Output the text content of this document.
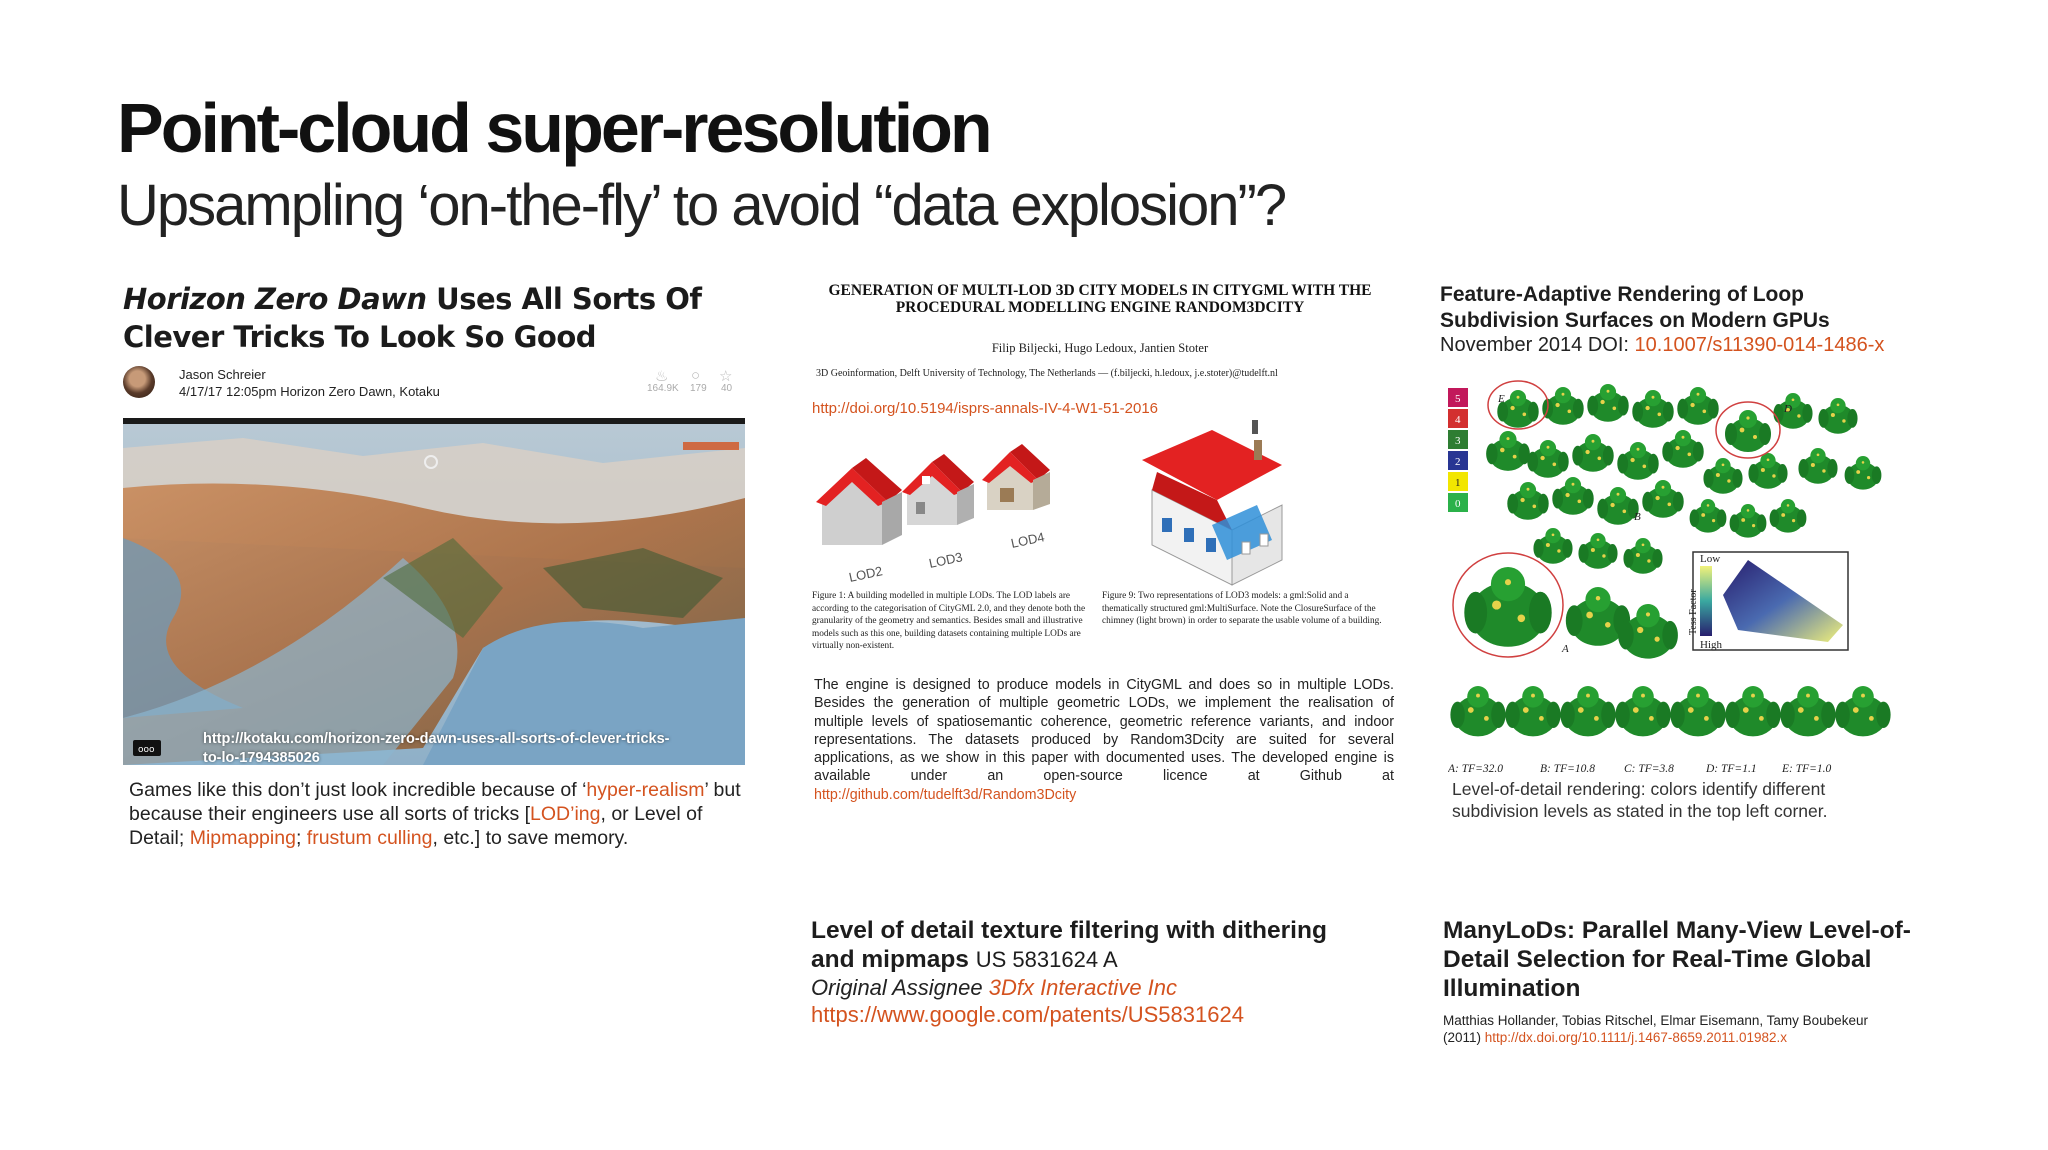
Point-cloud super-resolution
Upsampling ‘on-the-fly’ to avoid “data explosion”?
Horizon Zero Dawn Uses All Sorts Of Clever Tricks To Look So Good
Jason Schreier
4/17/17 12:05pm Horizon Zero Dawn, Kotaku
♨ ○ ☆
164.9K 179 40
ooo
http://kotaku.com/horizon-zero-dawn-uses-all-sorts-of-clever-tricks-to-lo-1794385026
Games like this don’t just look incredible because of ‘hyper-realism’ but because their engineers use all sorts of tricks [LOD’ing, or Level of Detail; Mipmapping; frustum culling, etc.] to save memory.
GENERATION OF MULTI-LOD 3D CITY MODELS IN CITYGML WITH THE PROCEDURAL MODELLING ENGINE RANDOM3DCITY
Filip Biljecki, Hugo Ledoux, Jantien Stoter
3D Geoinformation, Delft University of Technology, The Netherlands — (f.biljecki, h.ledoux, j.e.stoter)@tudelft.nl
http://doi.org/10.5194/isprs-annals-IV-4-W1-51-2016
LOD2
LOD3
LOD4
Figure 1: A building modelled in multiple LODs. The LOD labels are according to the categorisation of CityGML 2.0, and they denote both the granularity of the geometry and semantics. Besides small and illustrative models such as this one, building datasets containing multiple LODs are virtually non-existent.
Figure 9: Two representations of LOD3 models: a gml:Solid and a thematically structured gml:MultiSurface. Note the ClosureSurface of the chimney (light brown) in order to separate the usable volume of a building.
The engine is designed to produce models in CityGML and does so in multiple LODs. Besides the generation of multiple geometric LODs, we implement the realisation of multiple levels of spatiosemantic coherence, geometric reference variants, and indoor representations. The datasets produced by Random3Dcity are suited for several applications, as we show in this paper with documented uses. The developed engine is available under an open-source licence at Github at http://github.com/tudelft3d/Random3Dcity
Feature-Adaptive Rendering of Loop Subdivision Surfaces on Modern GPUs
November 2014 DOI: 10.1007/s11390-014-1486-x
5
4
3
2
1
0
Low
High
Tess Factor
E
D
B
A
A: TF=32.0	B: TF=10.8	C: TF=3.8	D: TF=1.1 E: TF=1.0
Level-of-detail rendering: colors identify different subdivision levels as stated in the top left corner.
Level of detail texture filtering with dithering and mipmaps US 5831624 A
Original Assignee 3Dfx Interactive Inc
https://www.google.com/patents/US5831624
ManyLoDs: Parallel Many-View Level-of-Detail Selection for Real-Time Global Illumination
Matthias Hollander, Tobias Ritschel, Elmar Eisemann, Tamy Boubekeur
(2011) http://dx.doi.org/10.1111/j.1467-8659.2011.01982.x
